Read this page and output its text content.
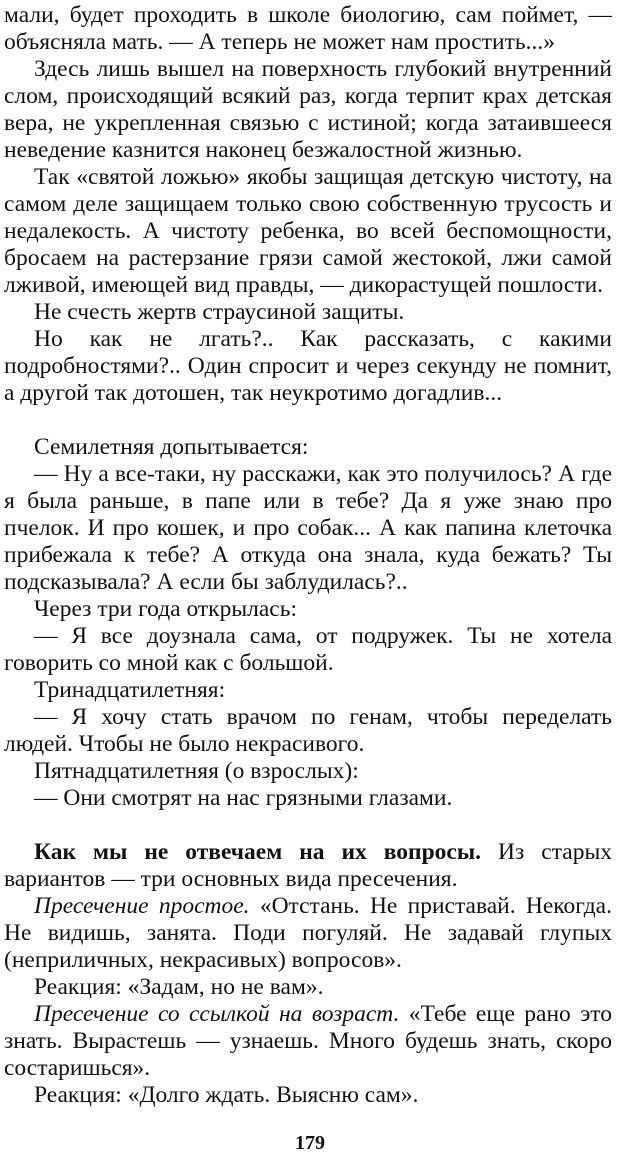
мали, будет проходить в школе биологию, сам поймет, — объясняла мать. — А теперь не может нам простить...»

Здесь лишь вышел на поверхность глубокий внутренний слом, происходящий всякий раз, когда терпит крах детская вера, не укрепленная связью с истиной; когда затаившееся неведение казнится наконец безжалостной жизнью.

Так «святой ложью» якобы защищая детскую чистоту, на самом деле защищаем только свою собственную трусость и недалекость. А чистоту ребенка, во всей беспомощности, бросаем на растерзание грязи самой жестокой, лжи самой лживой, имеющей вид правды, — дикорастущей пошлости.

Не счесть жертв страусиной защиты.

Но как не лгать?.. Как рассказать, с какими подробностями?.. Один спросит и через секунду не помнит, а другой так дотошен, так неукротимо догадлив...

Семилетняя допытывается:

— Ну а все-таки, ну расскажи, как это получилось? А где я была раньше, в папе или в тебе? Да я уже знаю про пчелок. И про кошек, и про собак... А как папина клеточка прибежала к тебе? А откуда она знала, куда бежать? Ты подсказывала? А если бы заблудилась?..

Через три года открылась:

— Я все доузнала сама, от подружек. Ты не хотела говорить со мной как с большой.

Тринадцатилетняя:

— Я хочу стать врачом по генам, чтобы переделать людей. Чтобы не было некрасивого.

Пятнадцатилетняя (о взрослых):

— Они смотрят на нас грязными глазами.

Как мы не отвечаем на их вопросы. Из старых вариантов — три основных вида пресечения.

Пресечение простое. «Отстань. Не приставай. Некогда. Не видишь, занята. Поди погуляй. Не задавай глупых (неприличных, некрасивых) вопросов».

Реакция: «Задам, но не вам».

Пресечение со ссылкой на возраст. «Тебе еще рано это знать. Вырастешь — узнаешь. Много будешь знать, скоро состаришься».

Реакция: «Долго ждать. Выясню сам».

179
